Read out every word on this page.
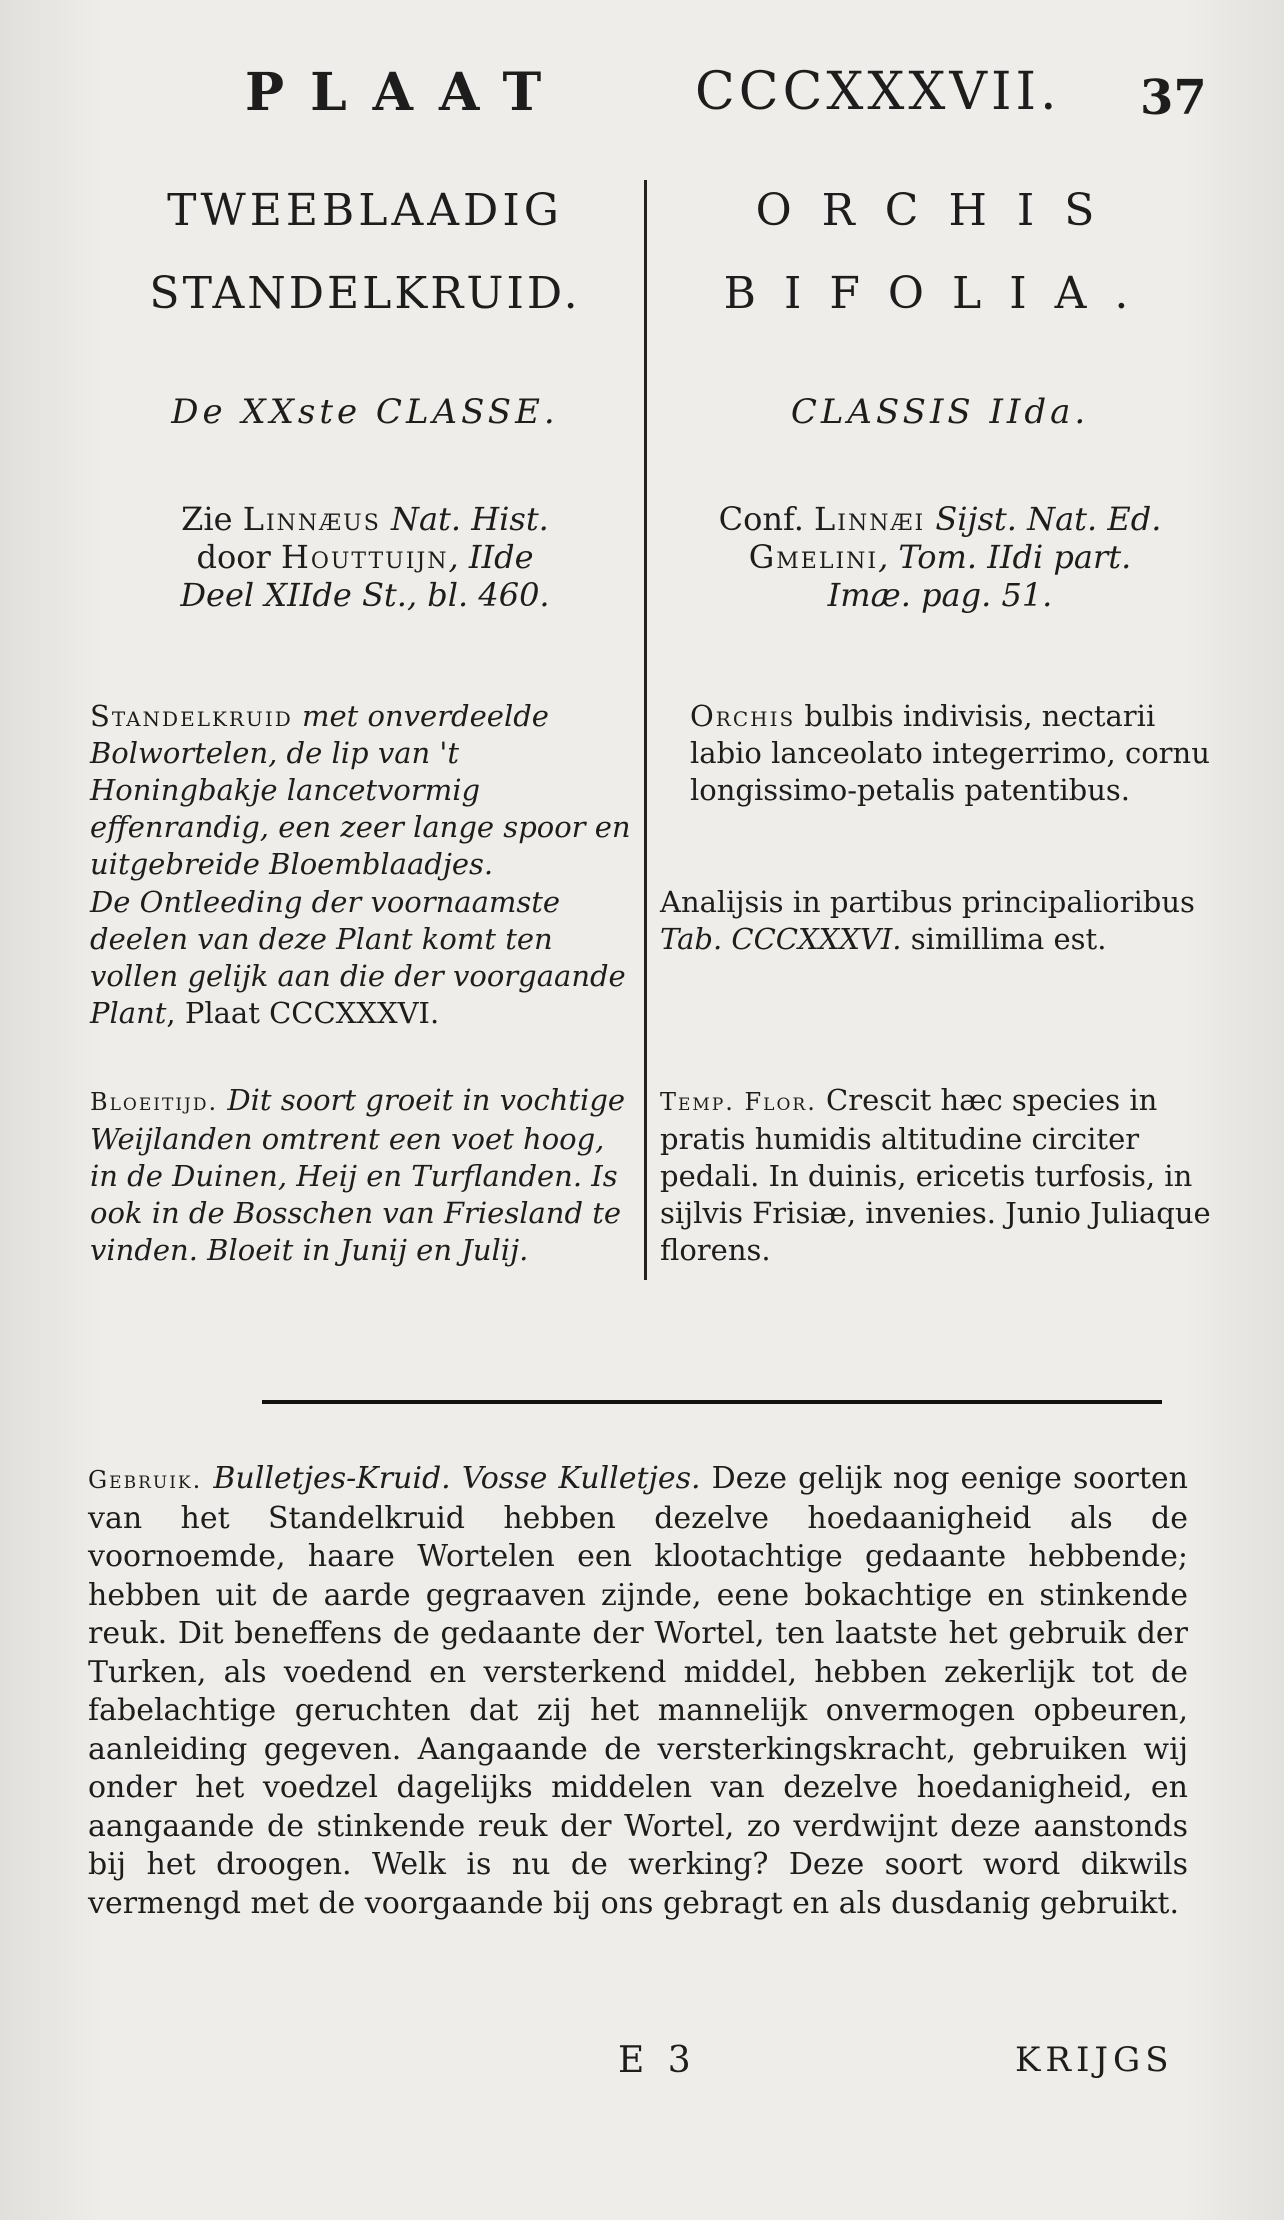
PLAAT CCCXXXVII. 37
TWEEBLAADIG
STANDELKRUID.
De XXste CLASSE.
Zie Linnæus Nat. Hist.
door Houttuijn, IIde
Deel XIIde St., bl. 460.
Standelkruid met onverdeelde Bolwortelen, de lip van 't Honingbakje lancetvormig effenrandig, een zeer lange spoor en uitgebreide Bloemblaadjes.
De Ontleeding der voornaamste deelen van deze Plant komt ten vollen gelijk aan die der voorgaande Plant, Plaat CCCXXXVI.
Bloeitijd. Dit soort groeit in vochtige Weijlanden omtrent een voet hoog, in de Duinen, Heij en Turflanden. Is ook in de Bosschen van Friesland te vinden. Bloeit in Junij en Julij.
ORCHIS
BIFOLIA.
CLASSIS IIda.
Conf. Linnæi Sijst. Nat. Ed.
Gmelini, Tom. IIdi part.
Imæ. pag. 51.
Orchis bulbis indivisis, nectarii labio lanceolato integerrimo, cornu longissimo-petalis patentibus.
Analijsis in partibus principalioribus Tab. CCCXXXVI. simillima est.
Temp. Flor. Crescit hæc species in pratis humidis altitudine circiter pedali. In duinis, ericetis turfosis, in sijlvis Frisiæ, invenies. Junio Juliaque florens.
Gebruik. Bulletjes-Kruid. Vosse Kulletjes. Deze gelijk nog eenige soorten van het Standelkruid hebben dezelve hoedaanigheid als de voornoemde, haare Wortelen een klootachtige gedaante hebbende; hebben uit de aarde gegraaven zijnde, eene bokachtige en stinkende reuk. Dit beneffens de gedaante der Wortel, ten laatste het gebruik der Turken, als voedend en versterkend middel, hebben zekerlijk tot de fabelachtige geruchten dat zij het mannelijk onvermogen opbeuren, aanleiding gegeven. Aangaande de versterkingskracht, gebruiken wij onder het voedzel dagelijks middelen van dezelve hoedanigheid, en aangaande de stinkende reuk der Wortel, zo verdwijnt deze aanstonds bij het droogen. Welk is nu de werking? Deze soort word dikwils vermengd met de voorgaande bij ons gebragt en als dusdanig gebruikt.
E 3	KRIJGS
